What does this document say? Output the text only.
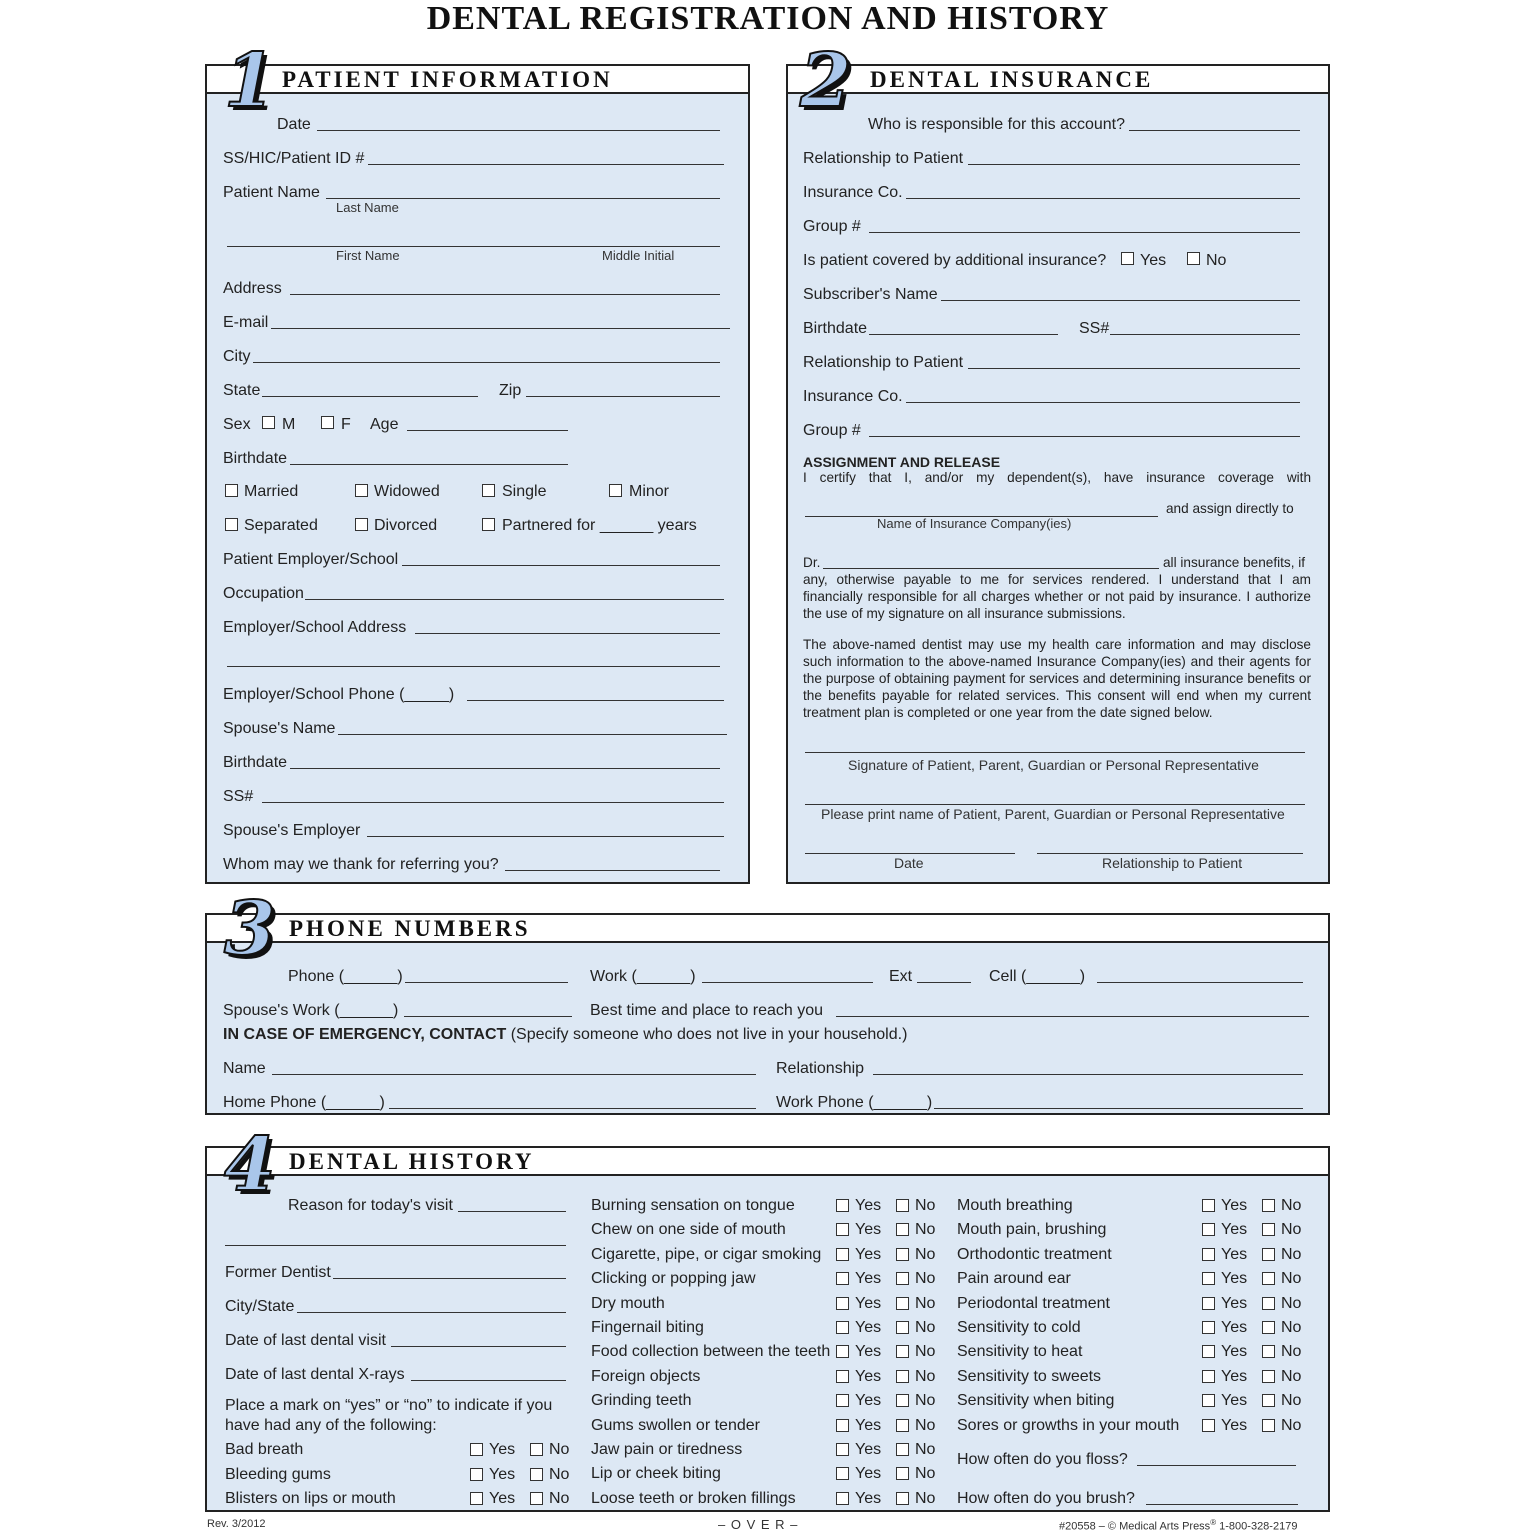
DENTAL REGISTRATION AND HISTORY
PATIENT INFORMATION
1
Date
SS/HIC/Patient ID #
Patient Name
Last Name
First Name	Middle Initial
Address
E-mail
City
State	Zip
Sex M	F Age
Birthdate
Married	Widowed	Single	Minor
Separated	Divorced	Partnered for ______ years
Patient Employer/School
Occupation
Employer/School Address
Employer/School Phone (_____)
Spouse's Name
Birthdate
SS#
Spouse's Employer
Whom may we thank for referring you?
DENTAL INSURANCE
2
Who is responsible for this account?
Relationship to Patient
Insurance Co.
Group #
Is patient covered by additional insurance? Yes No
Subscriber's Name
Birthdate	SS#
Relationship to Patient
Insurance Co.
Group #
ASSIGNMENT AND RELEASE
I certify that I, and/or my dependent(s), have insurance coverage with
and assign directly to
Name of Insurance Company(ies)
Dr.	all insurance benefits, if
any, otherwise payable to me for services rendered. I understand that I am financially responsible for all charges whether or not paid by insurance. I authorize the use of my signature on all insurance submissions.
The above-named dentist may use my health care information and may disclose such information to the above-named Insurance Company(ies) and their agents for the purpose of obtaining payment for services and determining insurance benefits or the benefits payable for related services. This consent will end when my current treatment plan is completed or one year from the date signed below.
Signature of Patient, Parent, Guardian or Personal Representative
Please print name of Patient, Parent, Guardian or Personal Representative
Date	Relationship to Patient
PHONE NUMBERS
3
Phone (______)	Work (______)	Ext	Cell (______)
Spouse's Work (______)	Best time and place to reach you
IN CASE OF EMERGENCY, CONTACT (Specify someone who does not live in your household.)
Name	Relationship
Home Phone (______)	Work Phone (______)
DENTAL HISTORY
4 Reason for today's visit
Former Dentist
City/State
Date of last dental visit
Date of last dental X-rays
Place a mark on “yes” or “no” to indicate if you
have had any of the following:
Bad breath	Yes No
Bleeding gums	Yes No
Blisters on lips or mouth	Yes No
Burning sensation on tongue	Yes No
Chew on one side of mouth	Yes No
Cigarette, pipe, or cigar smoking Yes No
Clicking or popping jaw	Yes No
Dry mouth	Yes No
Fingernail biting	Yes No
Food collection between the teeth Yes No
Foreign objects	Yes No
Grinding teeth	Yes No
Gums swollen or tender	Yes No
Jaw pain or tiredness	Yes No
Lip or cheek biting	Yes No
Loose teeth or broken fillings	Yes No
Mouth breathing	Yes No
Mouth pain, brushing	Yes No
Orthodontic treatment	Yes No
Pain around ear	Yes No
Periodontal treatment	Yes No
Sensitivity to cold	Yes No
Sensitivity to heat	Yes No
Sensitivity to sweets	Yes No
Sensitivity when biting	Yes No
Sores or growths in your mouth	Yes No
How often do you floss?
How often do you brush?
Rev. 3/2012	– O V E R –	#20558 – © Medical Arts Press® 1-800-328-2179
